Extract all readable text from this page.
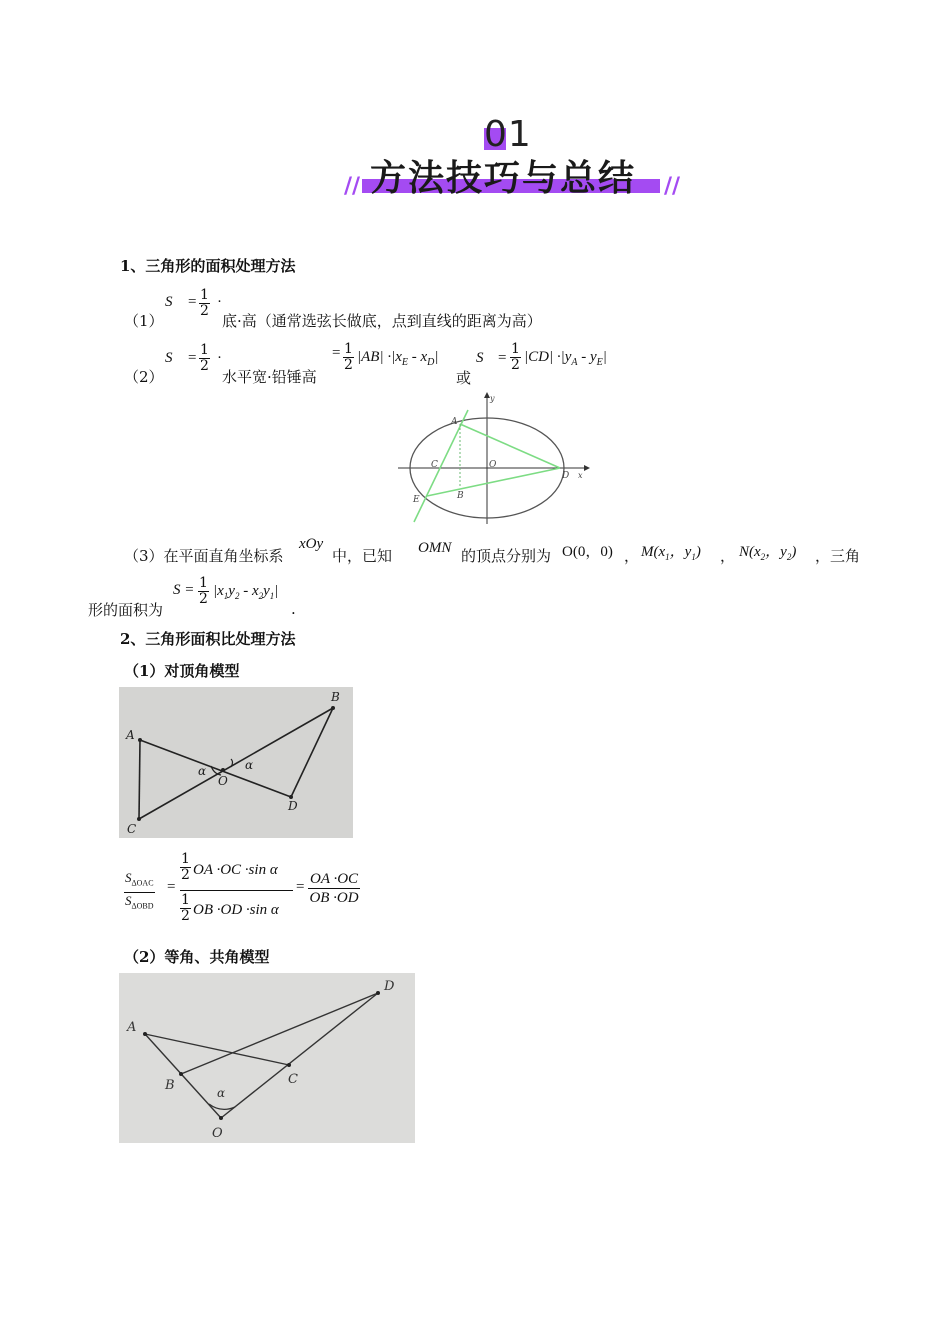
01
//	//
方法技巧与总结
1、三角形的面积处理方法
（1）
$S = \frac{1}{2}$ ·
底·高（通常选弦长做底，点到直线的距离为高）
（2）
$S = \frac{1}{2}$ ·
水平宽·铅锤高
= $\frac{1}{2} |AB| \cdot|x_E - x_D|$
或
$S = \frac{1}{2} |CD| \cdot|y_A - y_E|$
A
B
C
D
E
O
x
y
（3）在平面直角坐标系
xOy
中，已知 OMN 的顶点分别为 O(0，0) ， $M(x_1$，$y_1$) ， $N(x_2$，$y_2$) ，三角
形的面积为
$S = \frac{1}{2} |x_1y_2 - x_2y_1|$
.
2、三角形面积比处理方法
（1）对顶角模型
A
B
C
D
O
α	α
$S_{\Delta OAC}$
$S_{\Delta OBD}$
=
$\frac{1}{2}$ OA ·OC ·sin α
$\frac{1}{2}$ OB ·OD ·sin α
= $\frac{OA \cdot OC}{OB \cdot OD}$
（2）等角、共角模型
A
B	C
D
O
α
